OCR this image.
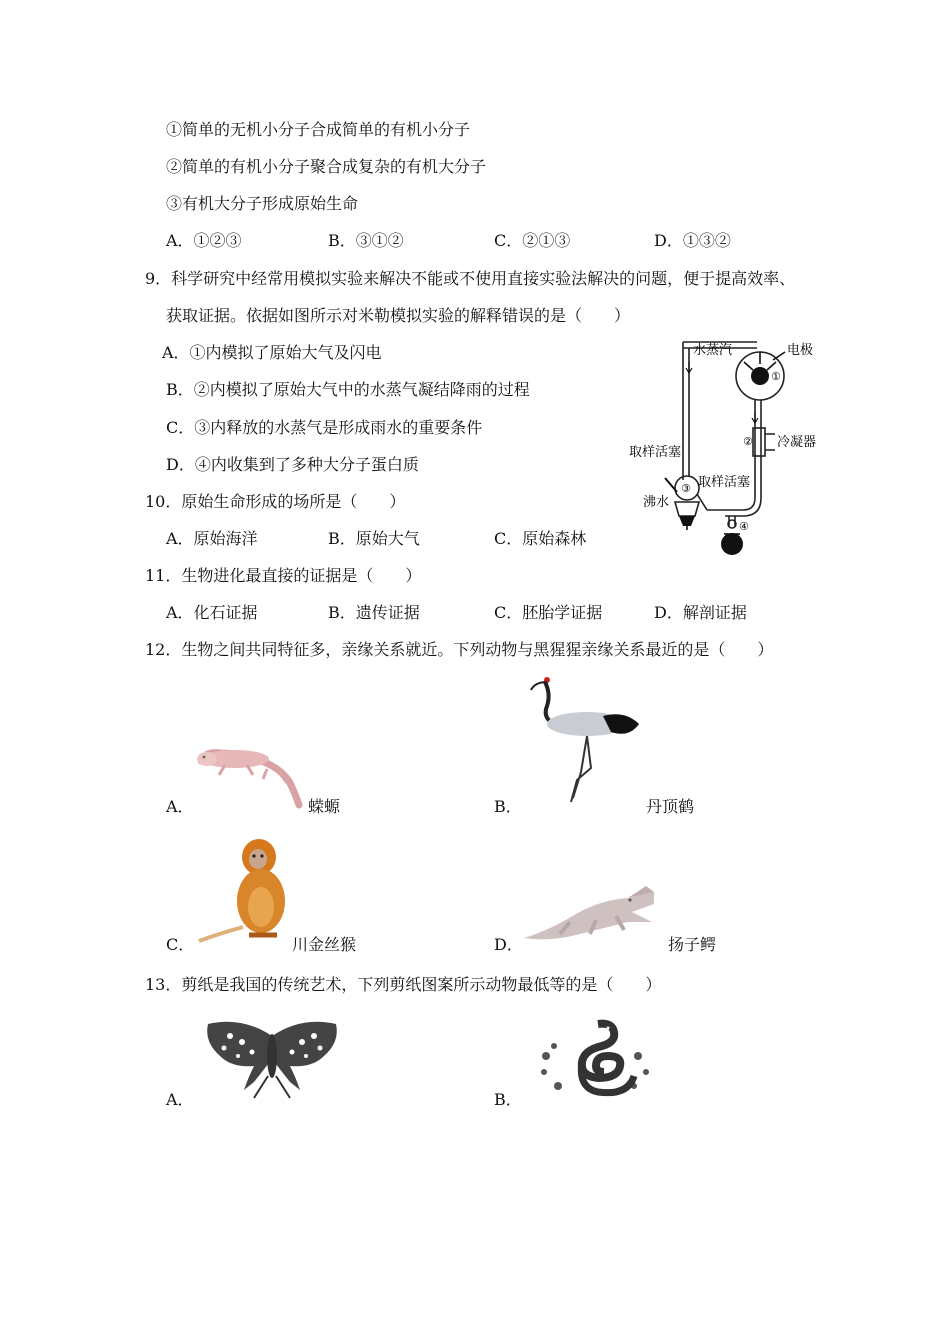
①简单的无机小分子合成简单的有机小分子
②简单的有机小分子聚合成复杂的有机大分子
③有机大分子形成原始生命
A．①②③	B．③①②	C．②①③	D．①③②
9．科学研究中经常用模拟实验来解决不能或不使用直接实验法解决的问题，便于提高效率、
获取证据。依据如图所示对米勒模拟实验的解释错误的是（　　）
A．①内模拟了原始大气及闪电
B．②内模拟了原始大气中的水蒸气凝结降雨的过程
C．③内释放的水蒸气是形成雨水的重要条件
D．④内收集到了多种大分子蛋白质
水蒸汽	电极
①
② 冷凝器
取样活塞
③ 取样活塞
沸水
④
10．原始生命形成的场所是（　　）
A．原始海洋	B．原始大气	C．原始森林
11．生物进化最直接的证据是（　　）
A．化石证据	B．遗传证据	C．胚胎学证据	D．解剖证据
12．生物之间共同特征多，亲缘关系就近。下列动物与黑猩猩亲缘关系最近的是（　　）
A．	蝾螈	B．	丹顶鹤
C．	川金丝猴	D．	扬子鳄
13．剪纸是我国的传统艺术，下列剪纸图案所示动物最低等的是（　　）
A．	B．
